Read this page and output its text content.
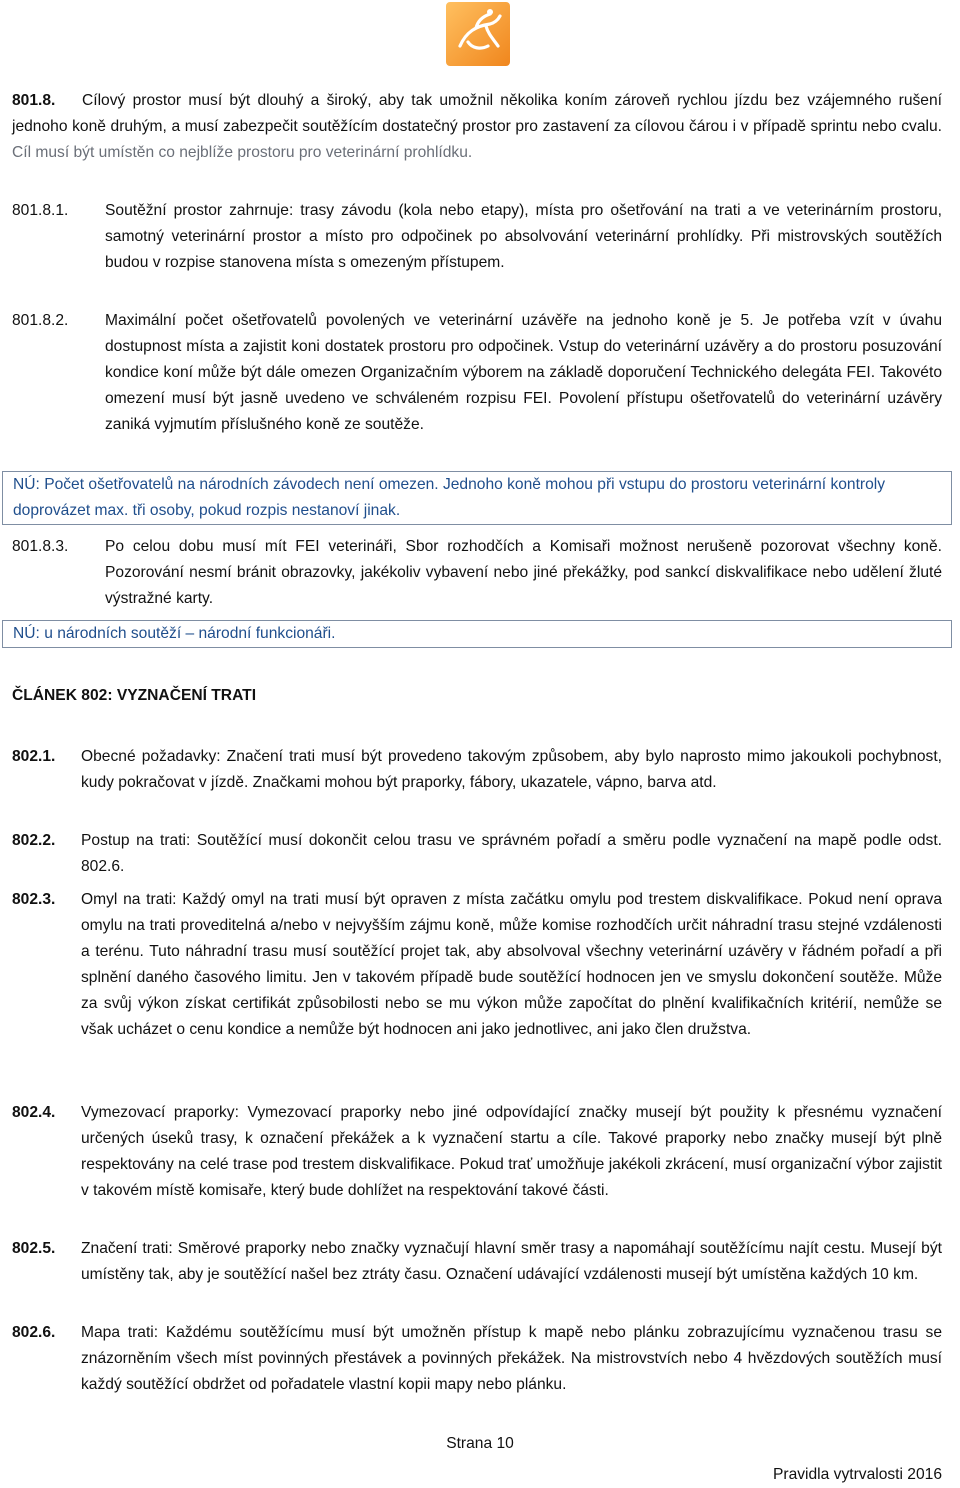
801.8.	Cílový prostor musí být dlouhý a široký, aby tak umožnil několika koním zároveň rychlou jízdu bez vzájemného rušení jednoho koně druhým, a musí zabezpečit soutěžícím dostatečný prostor pro zastavení za cílovou čárou i v případě sprintu nebo cvalu. Cíl musí být umístěn co nejblíže prostoru pro veterinární prohlídku.
801.8.1. Soutěžní prostor zahrnuje: trasy závodu (kola nebo etapy), místa pro ošetřování na trati a ve veterinárním prostoru, samotný veterinární prostor a místo pro odpočinek po absolvování veterinární prohlídky. Při mistrovských soutěžích budou v rozpise stanovena místa s omezeným přístupem.
801.8.2. Maximální počet ošetřovatelů povolených ve veterinární uzávěře na jednoho koně je 5. Je potřeba vzít v úvahu dostupnost místa a zajistit koni dostatek prostoru pro odpočinek. Vstup do veterinární uzávěry a do prostoru posuzování kondice koní může být dále omezen Organizačním výborem na základě doporučení Technického delegáta FEI. Takovéto omezení musí být jasně uvedeno ve schváleném rozpisu FEI. Povolení přístupu ošetřovatelů do veterinární uzávěry zaniká vyjmutím příslušného koně ze soutěže.
NÚ: Počet ošetřovatelů na národních závodech není omezen. Jednoho koně mohou při vstupu do prostoru veterinární kontroly doprovázet max. tři osoby, pokud rozpis nestanoví jinak.
801.8.3. Po celou dobu musí mít FEI veterináři, Sbor rozhodčích a Komisaři možnost nerušeně pozorovat všechny koně. Pozorování nesmí bránit obrazovky, jakékoliv vybavení nebo jiné překážky, pod sankcí diskvalifikace nebo udělení žluté výstražné karty.
NÚ: u národních soutěží – národní funkcionáři.
ČLÁNEK 802: VYZNAČENÍ TRATI
802.1. Obecné požadavky: Značení trati musí být provedeno takovým způsobem, aby bylo naprosto mimo jakoukoli pochybnost, kudy pokračovat v jízdě. Značkami mohou být praporky, fábory, ukazatele, vápno, barva atd.
802.2. Postup na trati: Soutěžící musí dokončit celou trasu ve správném pořadí a směru podle vyznačení na mapě podle odst. 802.6.
802.3. Omyl na trati: Každý omyl na trati musí být opraven z místa začátku omylu pod trestem diskvalifikace. Pokud není oprava omylu na trati proveditelná a/nebo v nejvyšším zájmu koně, může komise rozhodčích určit náhradní trasu stejné vzdálenosti a terénu. Tuto náhradní trasu musí soutěžící projet tak, aby absolvoval všechny veterinární uzávěry v řádném pořadí a při splnění daného časového limitu. Jen v takovém případě bude soutěžící hodnocen jen ve smyslu dokončení soutěže. Může za svůj výkon získat certifikát způsobilosti nebo se mu výkon může započítat do plnění kvalifikačních kritérií, nemůže se však ucházet o cenu kondice a nemůže být hodnocen ani jako jednotlivec, ani jako člen družstva.
802.4. Vymezovací praporky: Vymezovací praporky nebo jiné odpovídající značky musejí být použity k přesnému vyznačení určených úseků trasy, k označení překážek a k vyznačení startu a cíle. Takové praporky nebo značky musejí být plně respektovány na celé trase pod trestem diskvalifikace. Pokud trať umožňuje jakékoli zkrácení, musí organizační výbor zajistit v takovém místě komisaře, který bude dohlížet na respektování takové části.
802.5. Značení trati: Směrové praporky nebo značky vyznačují hlavní směr trasy a napomáhají soutěžícímu najít cestu. Musejí být umístěny tak, aby je soutěžící našel bez ztráty času. Označení udávající vzdálenosti musejí být umístěna každých 10 km.
802.6. Mapa trati: Každému soutěžícímu musí být umožněn přístup k mapě nebo plánku zobrazujícímu vyznačenou trasu se znázorněním všech míst povinných přestávek a povinných překážek. Na mistrovstvích nebo 4 hvězdových soutěžích musí každý soutěžící obdržet od pořadatele vlastní kopii mapy nebo plánku.
Strana 10
Pravidla vytrvalosti 2016
